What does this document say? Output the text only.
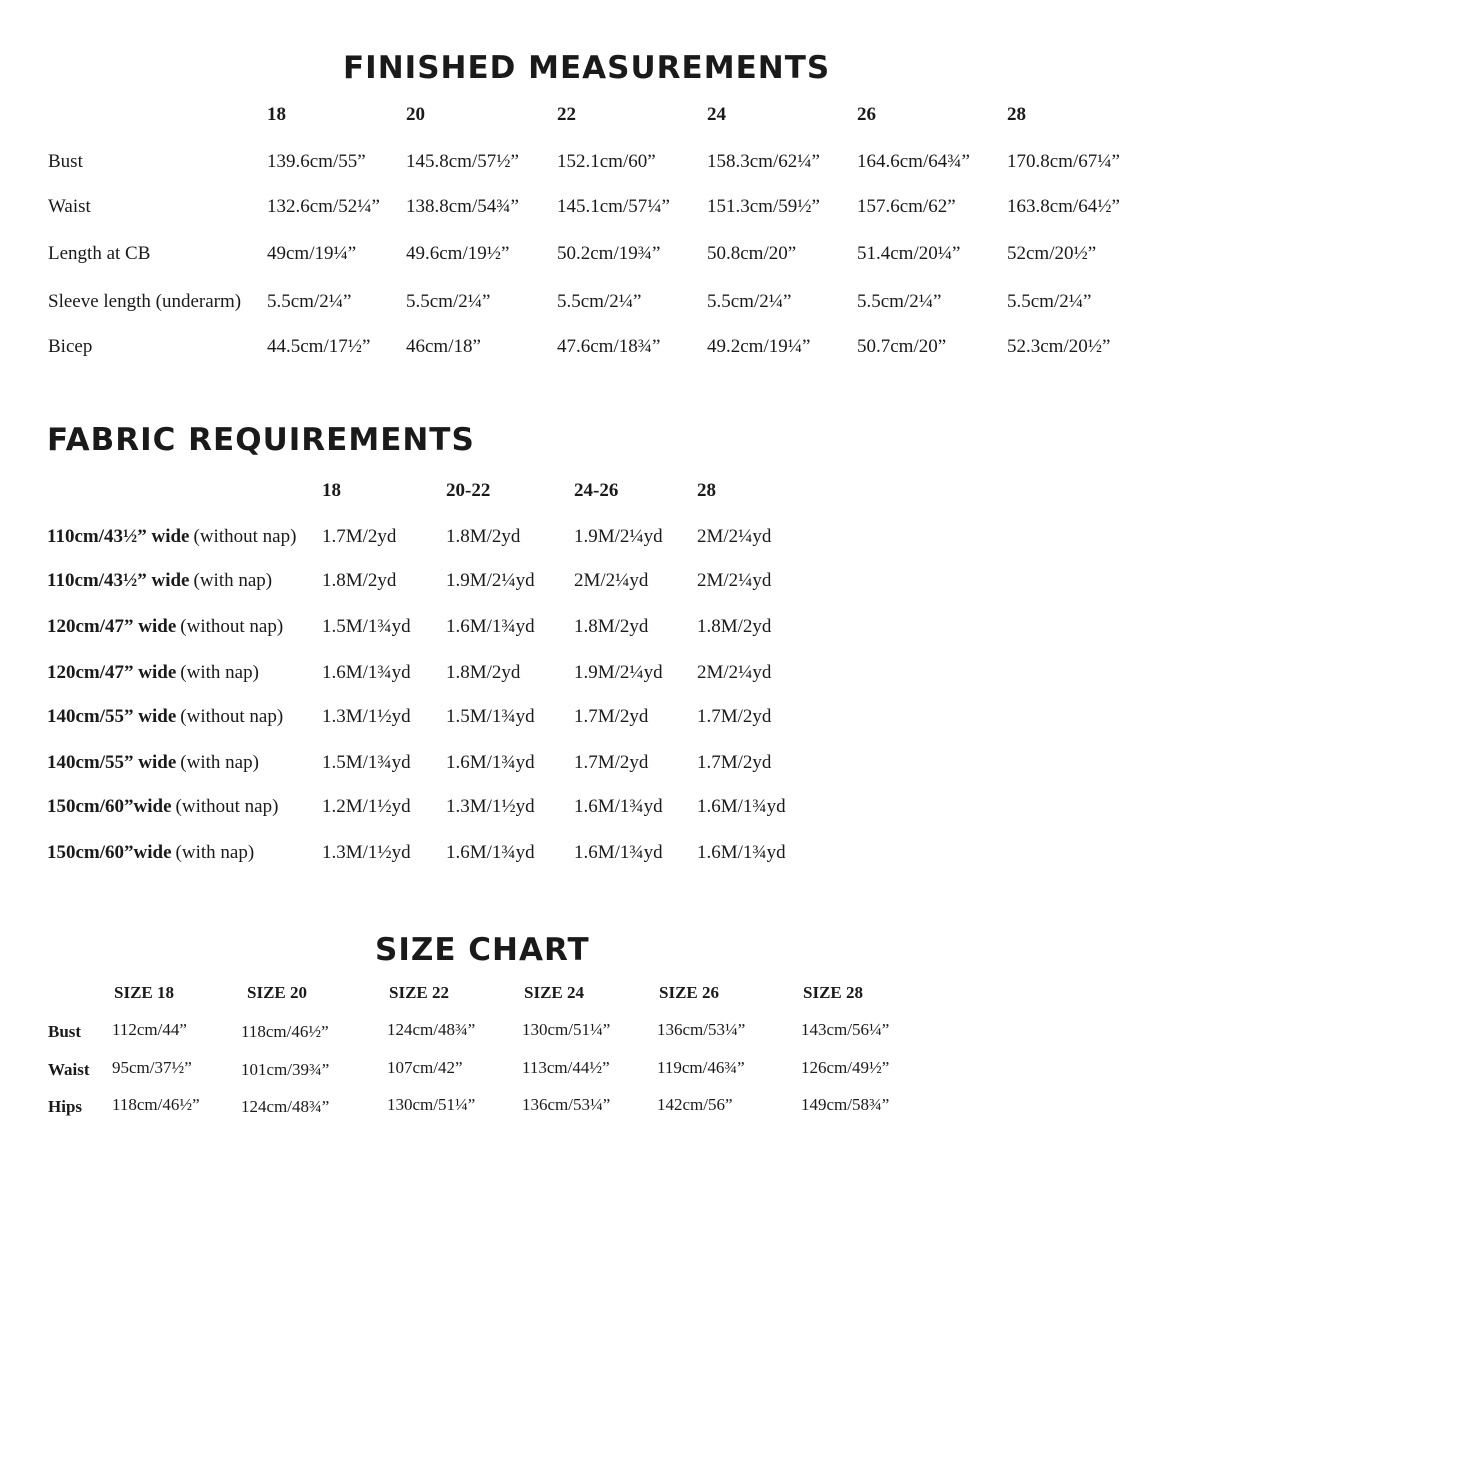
FINISHED MEASUREMENTS
FABRIC REQUIREMENTS
SIZE CHART
18	20	22	24	26	28
Bust	139.6cm/55” 145.8cm/57½” 152.1cm/60”	158.3cm/62¼” 164.6cm/64¾” 170.8cm/67¼”
Waist	132.6cm/52¼” 138.8cm/54¾” 145.1cm/57¼” 151.3cm/59½” 157.6cm/62”	163.8cm/64½”
Length at CB	49cm/19¼”	49.6cm/19½”	50.2cm/19¾” 50.8cm/20”	51.4cm/20¼” 52cm/20½”
Sleeve length (underarm) 5.5cm/2¼”	5.5cm/2¼”	5.5cm/2¼”	5.5cm/2¼”	5.5cm/2¼”	5.5cm/2¼”
Bicep	44.5cm/17½” 46cm/18”	47.6cm/18¾” 49.2cm/19¼” 50.7cm/20”	52.3cm/20½”
18	20-22	24-26	28
110cm/43½” wide (without nap) 1.7M/2yd	1.8M/2yd	1.9M/2¼yd 2M/2¼yd
110cm/43½” wide (with nap)	1.8M/2yd	1.9M/2¼yd 2M/2¼yd	2M/2¼yd
120cm/47” wide (without nap) 1.5M/1¾yd 1.6M/1¾yd 1.8M/2yd	1.8M/2yd
120cm/47” wide (with nap)	1.6M/1¾yd 1.8M/2yd	1.9M/2¼yd 2M/2¼yd
140cm/55” wide (without nap) 1.3M/1½yd 1.5M/1¾yd 1.7M/2yd	1.7M/2yd
140cm/55” wide (with nap)	1.5M/1¾yd 1.6M/1¾yd 1.7M/2yd	1.7M/2yd
150cm/60”wide (without nap) 1.2M/1½yd 1.3M/1½yd 1.6M/1¾yd 1.6M/1¾yd
150cm/60”wide (with nap)	1.3M/1½yd 1.6M/1¾yd 1.6M/1¾yd 1.6M/1¾yd
SIZE 18	SIZE 20	SIZE 22	SIZE 24	SIZE 26	SIZE 28
Bust 112cm/44”	118cm/46½”	124cm/48¾”	130cm/51¼”	136cm/53¼”	143cm/56¼”
Waist 95cm/37½”	101cm/39¾”	107cm/42”	113cm/44½”	119cm/46¾”	126cm/49½”
Hips 118cm/46½” 124cm/48¾”	130cm/51¼”	136cm/53¼”	142cm/56”	149cm/58¾”
